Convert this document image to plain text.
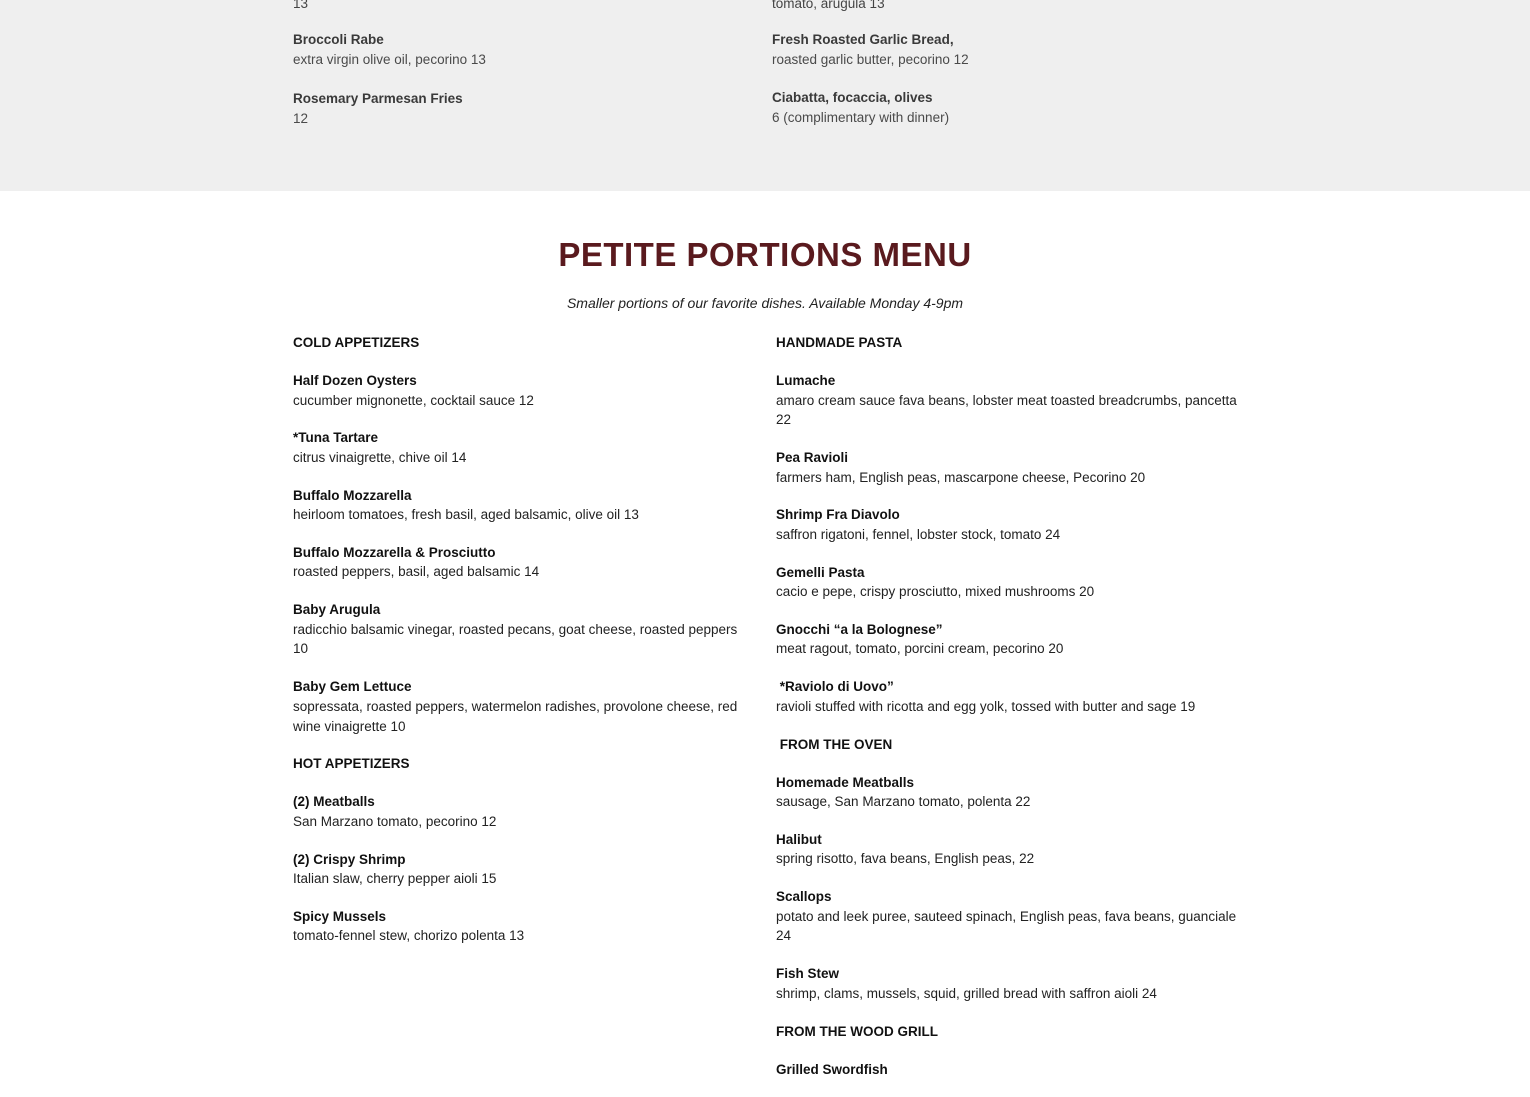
13
Broccoli Rabe
extra virgin olive oil, pecorino 13
Rosemary Parmesan Fries
12
tomato, arugula 13
Fresh Roasted Garlic Bread,
roasted garlic butter, pecorino 12
Ciabatta, focaccia, olives
6 (complimentary with dinner)
PETITE PORTIONS MENU
Smaller portions of our favorite dishes. Available Monday 4-9pm
COLD APPETIZERS
Half Dozen Oysters
cucumber mignonette, cocktail sauce 12
*Tuna Tartare
citrus vinaigrette, chive oil 14
Buffalo Mozzarella
heirloom tomatoes, fresh basil, aged balsamic, olive oil 13
Buffalo Mozzarella & Prosciutto
roasted peppers, basil, aged balsamic 14
Baby Arugula
radicchio balsamic vinegar, roasted pecans, goat cheese, roasted peppers 10
Baby Gem Lettuce
sopressata, roasted peppers, watermelon radishes, provolone cheese, red wine vinaigrette 10
HOT APPETIZERS
(2) Meatballs
San Marzano tomato, pecorino 12
(2) Crispy Shrimp
Italian slaw, cherry pepper aioli 15
Spicy Mussels
tomato-fennel stew, chorizo polenta 13
HANDMADE PASTA
Lumache
amaro cream sauce fava beans, lobster meat toasted breadcrumbs, pancetta 22
Pea Ravioli
farmers ham, English peas, mascarpone cheese, Pecorino 20
Shrimp Fra Diavolo
saffron rigatoni, fennel, lobster stock, tomato 24
Gemelli Pasta
cacio e pepe, crispy prosciutto, mixed mushrooms 20
Gnocchi “a la Bolognese”
meat ragout, tomato, porcini cream, pecorino 20
*Raviolo di Uovo”
ravioli stuffed with ricotta and egg yolk, tossed with butter and sage 19
FROM THE OVEN
Homemade Meatballs
sausage, San Marzano tomato, polenta 22
Halibut
spring risotto, fava beans, English peas, 22
Scallops
potato and leek puree, sauteed spinach, English peas, fava beans, guanciale 24
Fish Stew
shrimp, clams, mussels, squid, grilled bread with saffron aioli 24
FROM THE WOOD GRILL
Grilled Swordfish
